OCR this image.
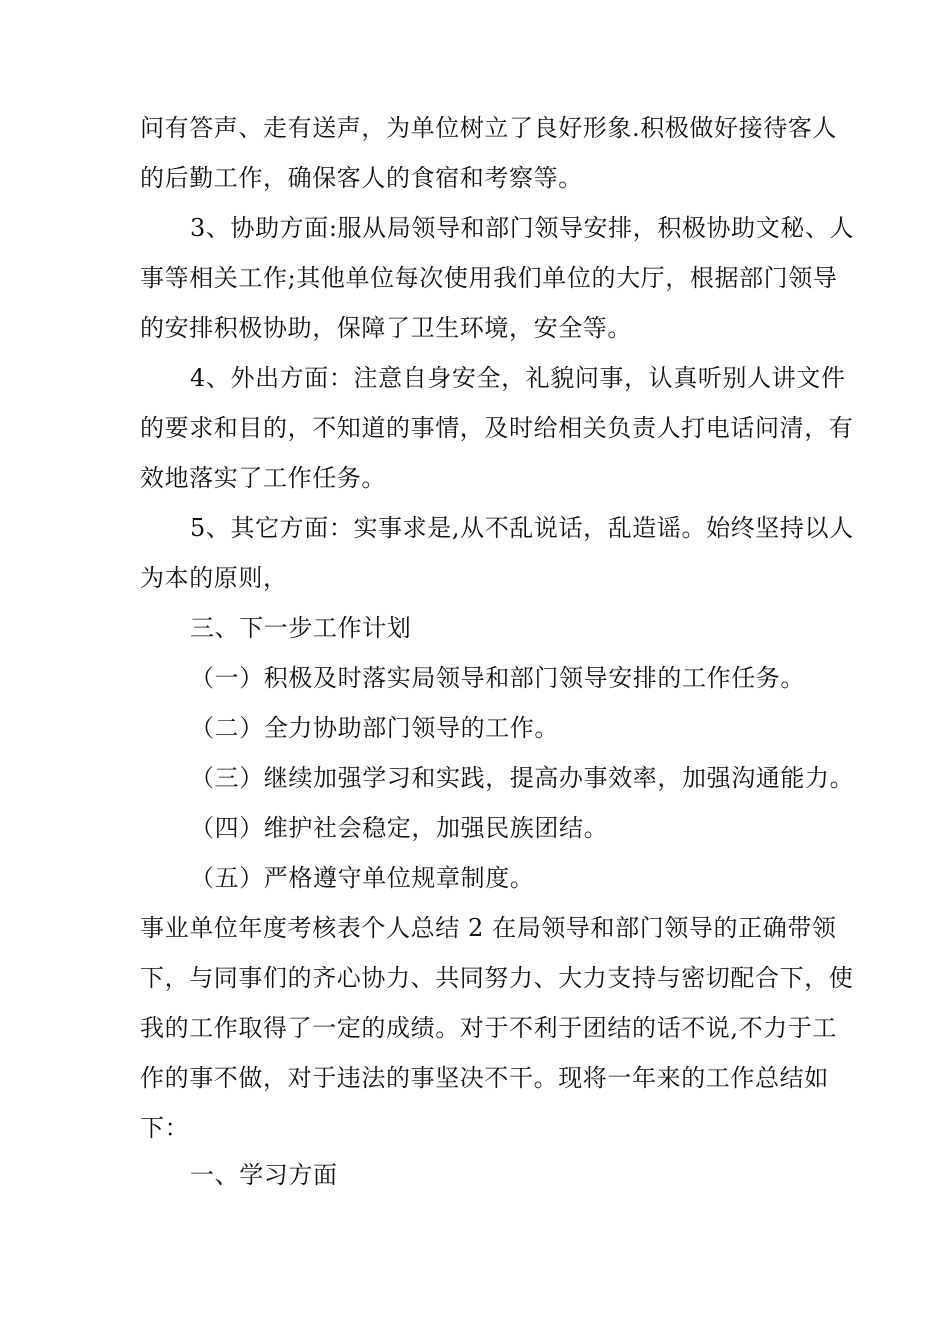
问有答声、走有送声，为单位树立了良好形象.积极做好接待客人
的后勤工作，确保客人的食宿和考察等。
3、协助方面:服从局领导和部门领导安排，积极协助文秘、人
事等相关工作;其他单位每次使用我们单位的大厅，根据部门领导
的安排积极协助，保障了卫生环境，安全等。
4、外出方面：注意自身安全，礼貌问事，认真听别人讲文件
的要求和目的，不知道的事情，及时给相关负责人打电话问清，有
效地落实了工作任务。
5、其它方面：实事求是,从不乱说话，乱造谣。始终坚持以人
为本的原则，
三、下一步工作计划
（一）积极及时落实局领导和部门领导安排的工作任务。
（二）全力协助部门领导的工作。
（三）继续加强学习和实践，提高办事效率，加强沟通能力。
（四）维护社会稳定，加强民族团结。
（五）严格遵守单位规章制度。
事业单位年度考核表个人总结 2 在局领导和部门领导的正确带领
下，与同事们的齐心协力、共同努力、大力支持与密切配合下，使
我的工作取得了一定的成绩。对于不利于团结的话不说,不力于工
作的事不做，对于违法的事坚决不干。现将一年来的工作总结如
下：
一、学习方面
